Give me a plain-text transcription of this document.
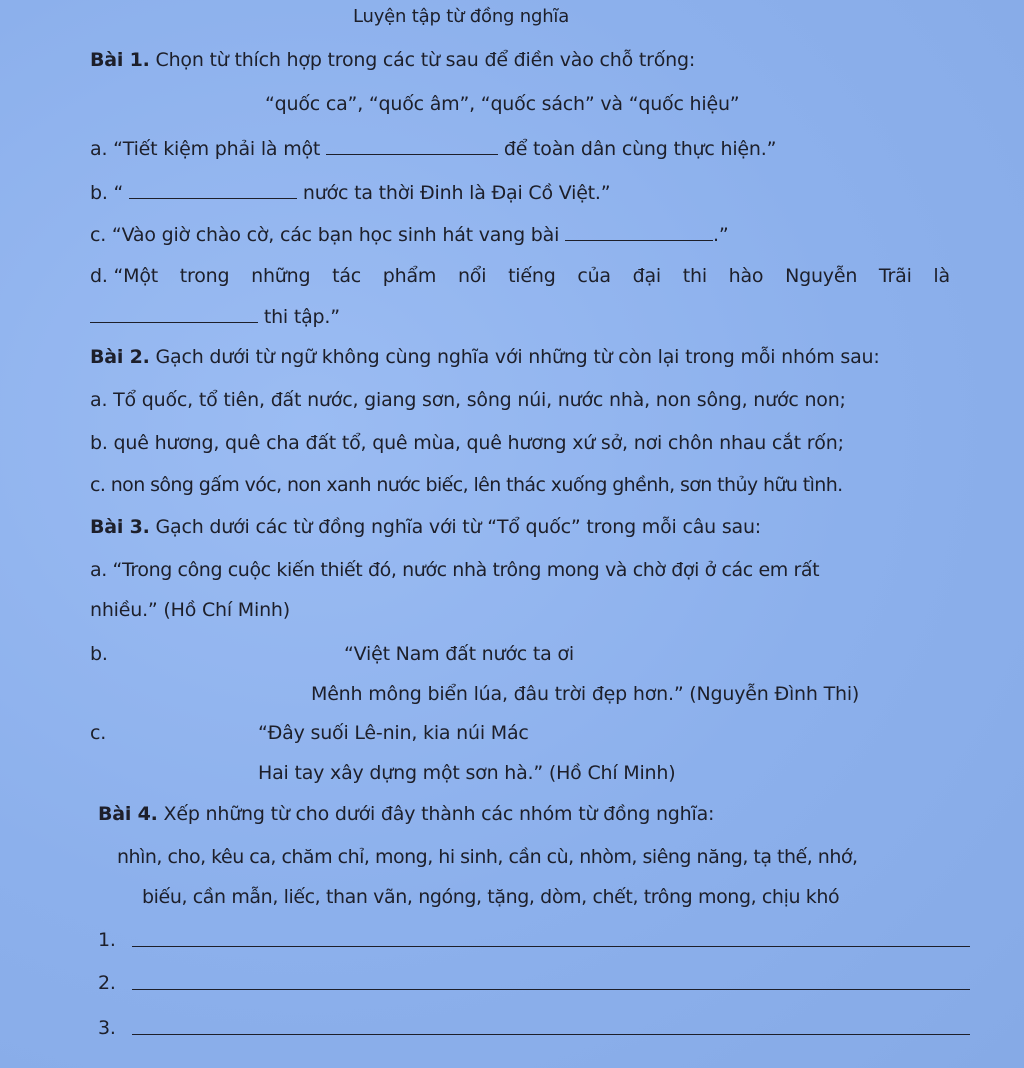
Luyện tập từ đồng nghĩa
Bài 1. Chọn từ thích hợp trong các từ sau để điền vào chỗ trống:
“quốc ca”, “quốc âm”, “quốc sách” và “quốc hiệu”
a. “Tiết kiệm phải là một	để toàn dân cùng thực hiện.”
b. “	nước ta thời Đinh là Đại Cồ Việt.”
c. “Vào giờ chào cờ, các bạn học sinh hát vang bài	.”
d. “Một trong những tác phẩm nổi tiếng của đại thi hào Nguyễn Trãi là
thi tập.”
Bài 2. Gạch dưới từ ngữ không cùng nghĩa với những từ còn lại trong mỗi nhóm sau:
a. Tổ quốc, tổ tiên, đất nước, giang sơn, sông núi, nước nhà, non sông, nước non;
b. quê hương, quê cha đất tổ, quê mùa, quê hương xứ sở, nơi chôn nhau cắt rốn;
c. non sông gấm vóc, non xanh nước biếc, lên thác xuống ghềnh, sơn thủy hữu tình.
Bài 3. Gạch dưới các từ đồng nghĩa với từ “Tổ quốc” trong mỗi câu sau:
a. “Trong công cuộc kiến thiết đó, nước nhà trông mong và chờ đợi ở các em rất
nhiều.” (Hồ Chí Minh)
b.	“Việt Nam đất nước ta ơi
Mênh mông biển lúa, đâu trời đẹp hơn.” (Nguyễn Đình Thi)
c.	“Đây suối Lê-nin, kia núi Mác
Hai tay xây dựng một sơn hà.” (Hồ Chí Minh)
Bài 4. Xếp những từ cho dưới đây thành các nhóm từ đồng nghĩa:
nhìn, cho, kêu ca, chăm chỉ, mong, hi sinh, cần cù, nhòm, siêng năng, tạ thế, nhớ,
biếu, cần mẫn, liếc, than vãn, ngóng, tặng, dòm, chết, trông mong, chịu khó
1.
2.
3.
